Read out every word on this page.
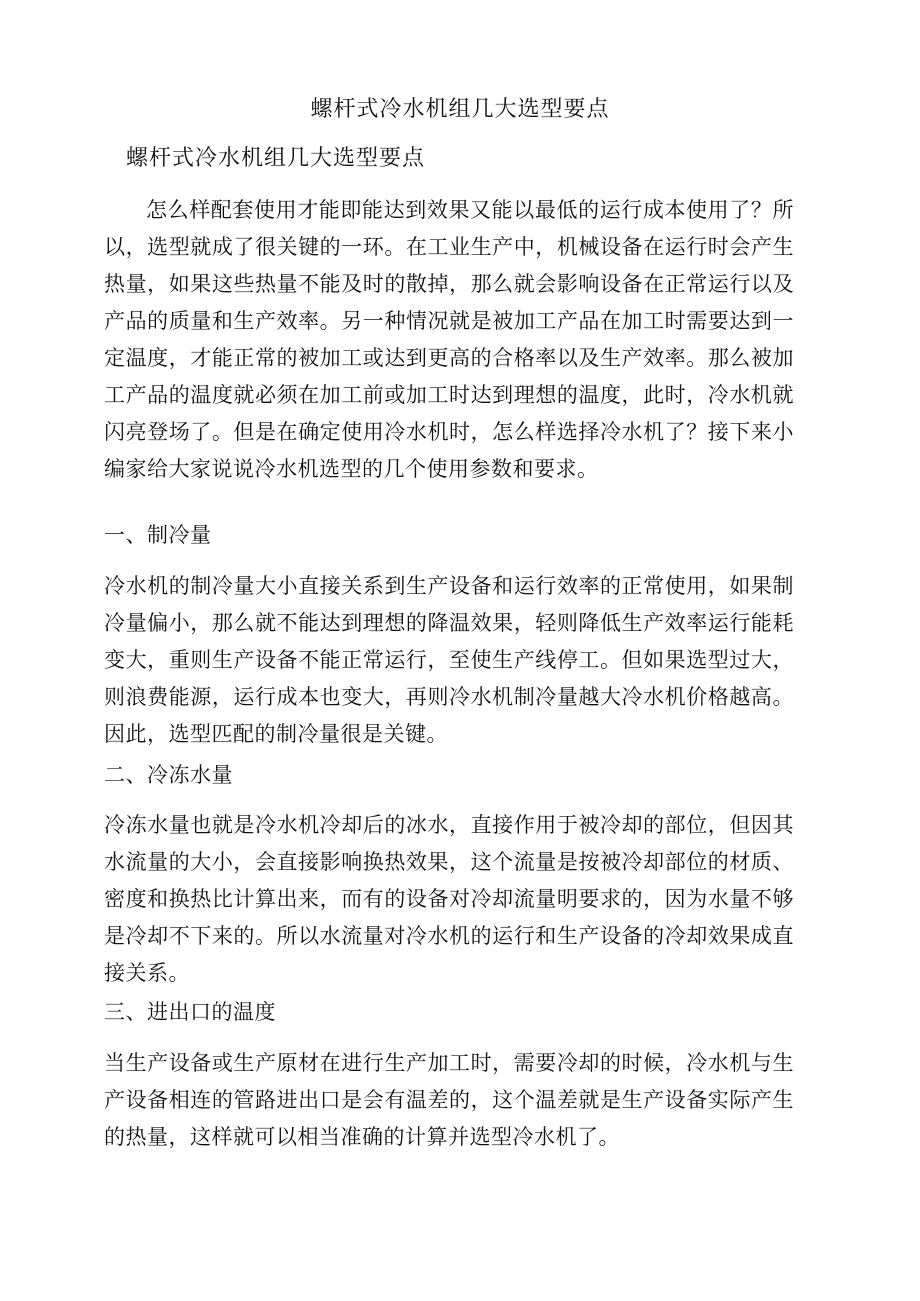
螺杆式冷水机组几大选型要点
螺杆式冷水机组几大选型要点

怎么样配套使用才能即能达到效果又能以最低的运行成本使用了？所以，选型就成了很关键的一环。在工业生产中，机械设备在运行时会产生热量，如果这些热量不能及时的散掉，那么就会影响设备在正常运行以及产品的质量和生产效率。另一种情况就是被加工产品在加工时需要达到一定温度，才能正常的被加工或达到更高的合格率以及生产效率。那么被加工产品的温度就必须在加工前或加工时达到理想的温度，此时，冷水机就闪亮登场了。但是在确定使用冷水机时，怎么样选择冷水机了？接下来小编家给大家说说冷水机选型的几个使用参数和要求。

一、制冷量

冷水机的制冷量大小直接关系到生产设备和运行效率的正常使用，如果制冷量偏小，那么就不能达到理想的降温效果，轻则降低生产效率运行能耗变大，重则生产设备不能正常运行，至使生产线停工。但如果选型过大，则浪费能源，运行成本也变大，再则冷水机制冷量越大冷水机价格越高。因此，选型匹配的制冷量很是关键。

二、冷冻水量

冷冻水量也就是冷水机冷却后的冰水，直接作用于被冷却的部位，但因其水流量的大小，会直接影响换热效果，这个流量是按被冷却部位的材质、密度和换热比计算出来，而有的设备对冷却流量明要求的，因为水量不够是冷却不下来的。所以水流量对冷水机的运行和生产设备的冷却效果成直接关系。

三、进出口的温度

当生产设备或生产原材在进行生产加工时，需要冷却的时候，冷水机与生产设备相连的管路进出口是会有温差的，这个温差就是生产设备实际产生的热量，这样就可以相当准确的计算并选型冷水机了。
